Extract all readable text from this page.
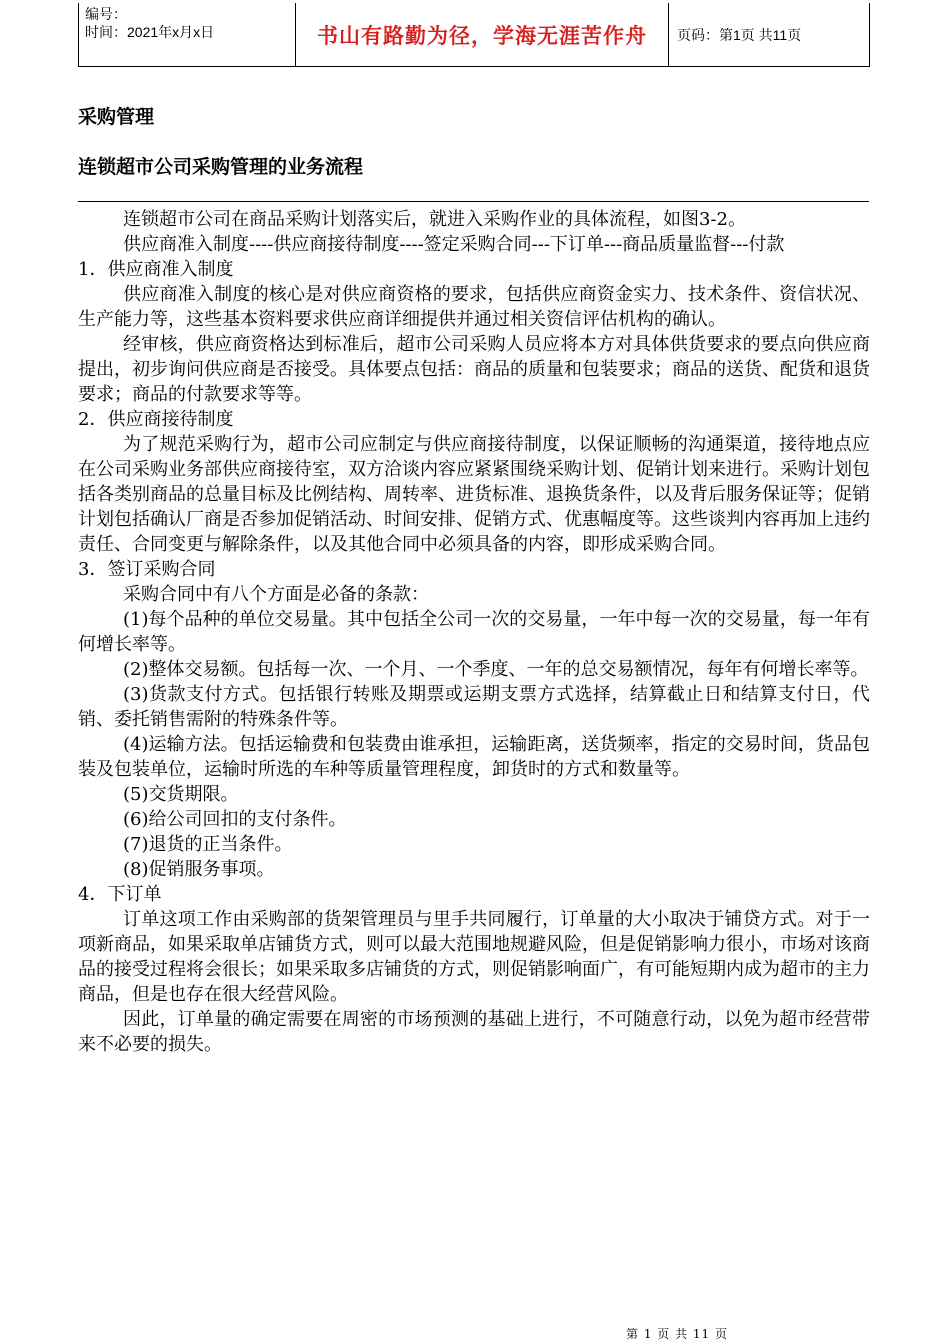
编号：
时间：2021年x月x日	书山有路勤为径，学海无涯苦作舟	页码：第1页 共11页
采购管理
连锁超市公司采购管理的业务流程

连锁超市公司在商品采购计划落实后，就进入采购作业的具体流程，如图3-2。

供应商准入制度----供应商接待制度----签定采购合同---下订单---商品质量监督---付款

1．供应商准入制度

供应商准入制度的核心是对供应商资格的要求，包括供应商资金实力、技术条件、资信状况、生产能力等，这些基本资料要求供应商详细提供并通过相关资信评估机构的确认。

经审核，供应商资格达到标准后，超市公司采购人员应将本方对具体供货要求的要点向供应商提出，初步询问供应商是否接受。具体要点包括：商品的质量和包装要求；商品的送货、配货和退货要求；商品的付款要求等等。

2．供应商接待制度

为了规范采购行为，超市公司应制定与供应商接待制度，以保证顺畅的沟通渠道，接待地点应在公司采购业务部供应商接待室，双方洽谈内容应紧紧围绕采购计划、促销计划来进行。采购计划包括各类别商品的总量目标及比例结构、周转率、进货标准、退换货条件，以及背后服务保证等；促销计划包括确认厂商是否参加促销活动、时间安排、促销方式、优惠幅度等。这些谈判内容再加上违约责任、合同变更与解除条件，以及其他合同中必须具备的内容，即形成采购合同。

3．签订采购合同

采购合同中有八个方面是必备的条款：

(1)每个品种的单位交易量。其中包括全公司一次的交易量，一年中每一次的交易量，每一年有何增长率等。

(2)整体交易额。包括每一次、一个月、一个季度、一年的总交易额情况，每年有何增长率等。

(3)货款支付方式。包括银行转账及期票或运期支票方式选择，结算截止日和结算支付日，代销、委托销售需附的特殊条件等。

(4)运输方法。包括运输费和包装费由谁承担，运输距离，送货频率，指定的交易时间，货品包装及包装单位，运输时所选的车种等质量管理程度，卸货时的方式和数量等。

(5)交货期限。

(6)给公司回扣的支付条件。

(7)退货的正当条件。

(8)促销服务事项。

4．下订单

订单这项工作由采购部的货架管理员与里手共同履行，订单量的大小取决于铺贷方式。对于一项新商品，如果采取单店铺货方式，则可以最大范围地规避风险，但是促销影响力很小，市场对该商品的接受过程将会很长；如果采取多店铺货的方式，则促销影响面广，有可能短期内成为超市的主力商品，但是也存在很大经营风险。

因此，订单量的确定需要在周密的市场预测的基础上进行，不可随意行动，以免为超市经营带来不必要的损失。

第 1 页 共 11 页
